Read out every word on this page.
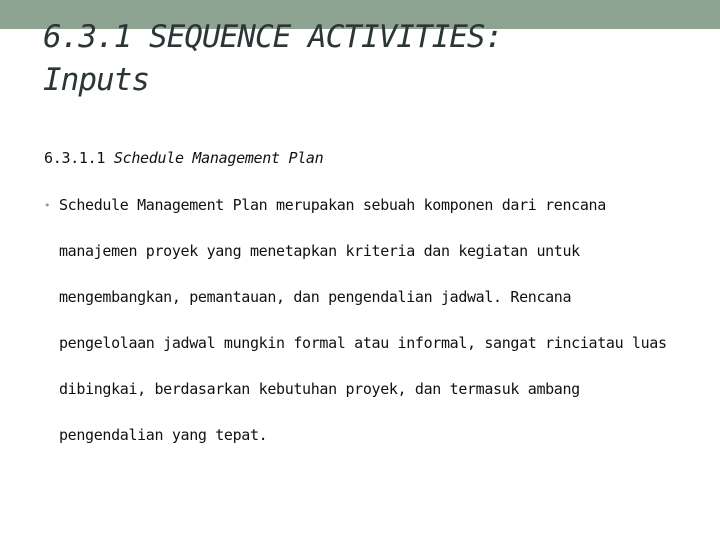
6.3.1 SEQUENCE ACTIVITIES:
Inputs

6.3.1.1 Schedule Management Plan

• Schedule Management Plan merupakan sebuah komponen dari rencana
manajemen proyek yang menetapkan kriteria dan kegiatan untuk
mengembangkan, pemantauan, dan pengendalian jadwal. Rencana
pengelolaan jadwal mungkin formal atau informal, sangat rinciatau luas
dibingkai, berdasarkan kebutuhan proyek, dan termasuk ambang
pengendalian yang tepat.
